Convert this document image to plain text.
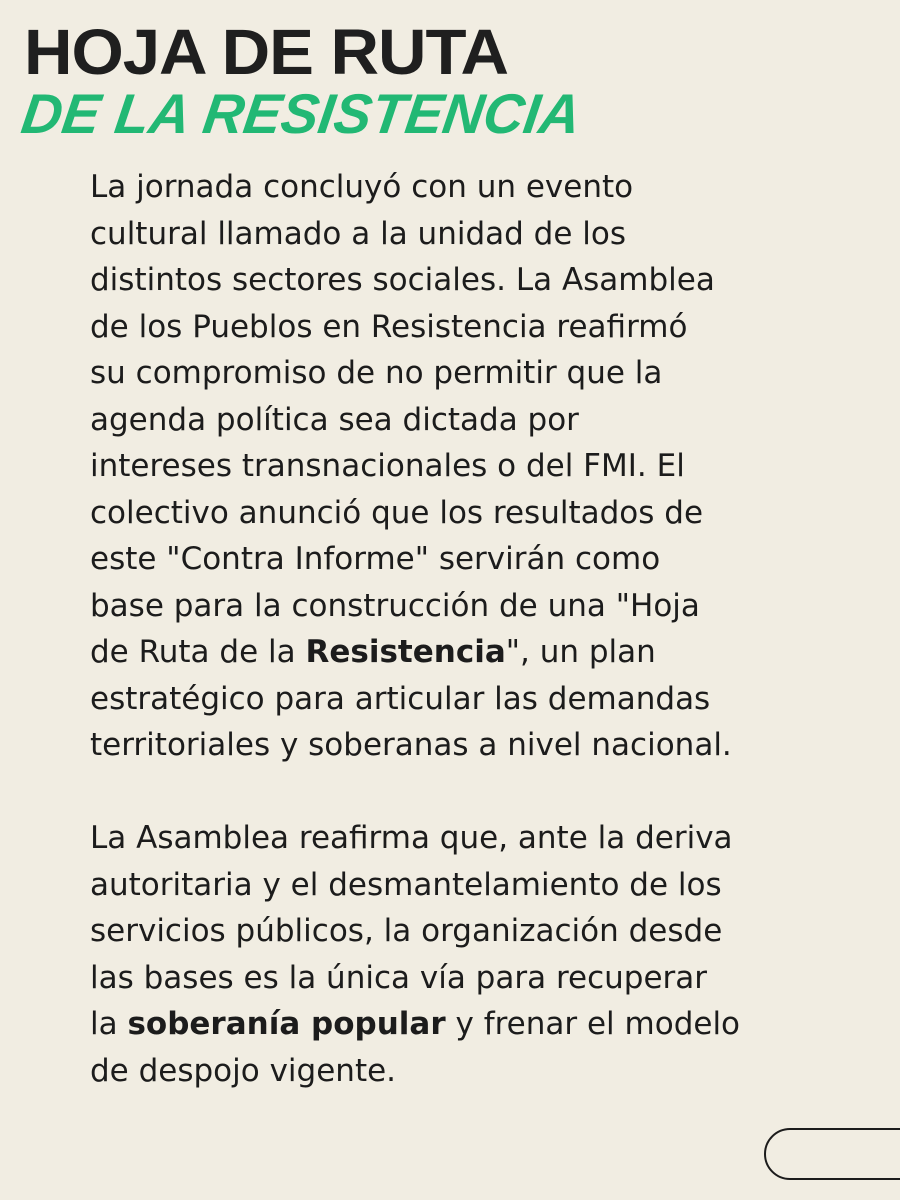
HOJA DE RUTA
DE LA RESISTENCIA

La jornada concluyó con un evento
cultural llamado a la unidad de los
distintos sectores sociales. La Asamblea
de los Pueblos en Resistencia reafirmó
su compromiso de no permitir que la
agenda política sea dictada por
intereses transnacionales o del FMI. El
colectivo anunció que los resultados de
este "Contra Informe" servirán como
base para la construcción de una "Hoja
de Ruta de la Resistencia", un plan
estratégico para articular las demandas
territoriales y soberanas a nivel nacional.

La Asamblea reafirma que, ante la deriva
autoritaria y el desmantelamiento de los
servicios públicos, la organización desde
las bases es la única vía para recuperar
la soberanía popular y frenar el modelo
de despojo vigente.
